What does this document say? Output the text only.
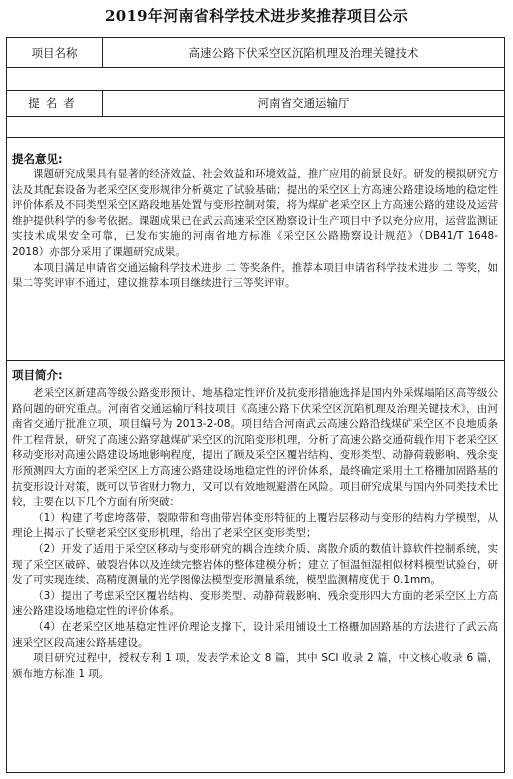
2019年河南省科学技术进步奖推荐项目公示
项目名称	高速公路下伏采空区沉陷机理及治理关键技术
提名者	河南省交通运输厅
提名意见:

课题研究成果具有显著的经济效益、社会效益和环境效益，推广应用的前景良好。研发的模拟研究方法及其配套设备为老采空区变形规律分析奠定了试验基础；提出的采空区上方高速公路建设场地的稳定性评价体系及不同类型采空区路段地基处置与变形控制对策，将为煤矿老采空区上方高速公路的建设及运营维护提供科学的参考依据。课题成果已在武云高速采空区勘察设计生产项目中予以充分应用，运营监测证实技术成果安全可靠，已发布实施的河南省地方标准《采空区公路勘察设计规范》（DB41/T 1648-2018）亦部分采用了课题研究成果。

本项目满足申请省交通运输科学技术进步 二 等奖条件，推荐本项目申请省科学技术进步 二 等奖，如果二等奖评审不通过，建议推荐本项目继续进行三等奖评审。

项目简介:

老采空区新建高等级公路变形预计、地基稳定性评价及抗变形措施选择是国内外采煤塌陷区高等级公路问题的研究重点。河南省交通运输厅科技项目《高速公路下伏采空区沉陷机理及治理关键技术》，由河南省交通厅批准立项，项目编号为 2013-2-08。项目结合河南武云高速公路沿线煤矿采空区不良地质条件工程背景，研究了高速公路穿越煤矿采空区的沉陷变形机理，分析了高速公路交通荷载作用下老采空区移动变形对高速公路建设场地影响程度，提出了顾及采空区覆岩结构、变形类型、动静荷载影响、残余变形预测四大方面的老采空区上方高速公路建设场地稳定性的评价体系，最终确定采用土工格栅加固路基的抗变形设计对策，既可以节省财力物力，又可以有效地规避潜在风险。项目研究成果与国内外同类技术比较，主要在以下几个方面有所突破：

（1）构建了考虑垮落带、裂隙带和弯曲带岩体变形特征的上覆岩层移动与变形的结构力学模型，从理论上揭示了长壁老采空区变形机理，给出了老采空区变形类型；

（2）开发了适用于采空区移动与变形研究的耦合连续介质、离散介质的数值计算软件控制系统，实现了采空区破碎、破裂岩体以及连续完整岩体的整体建模分析；建立了恒温恒湿相似材料模型试验台，研发了可实现连续、高精度测量的光学图像法模型变形测量系统，模型监测精度优于 0.1mm。

（3）提出了考虑采空区覆岩结构、变形类型、动静荷载影响、残余变形四大方面的老采空区上方高速公路建设场地稳定性的评价体系。

（4）在老采空区地基稳定性评价理论支撑下，设计采用铺设土工格栅加固路基的方法进行了武云高速采空区段高速公路基建设。

项目研究过程中，授权专利 1 项，发表学术论文 8 篇，其中 SCI 收录 2 篇，中文核心收录 6 篇，颁布地方标准 1 项。
